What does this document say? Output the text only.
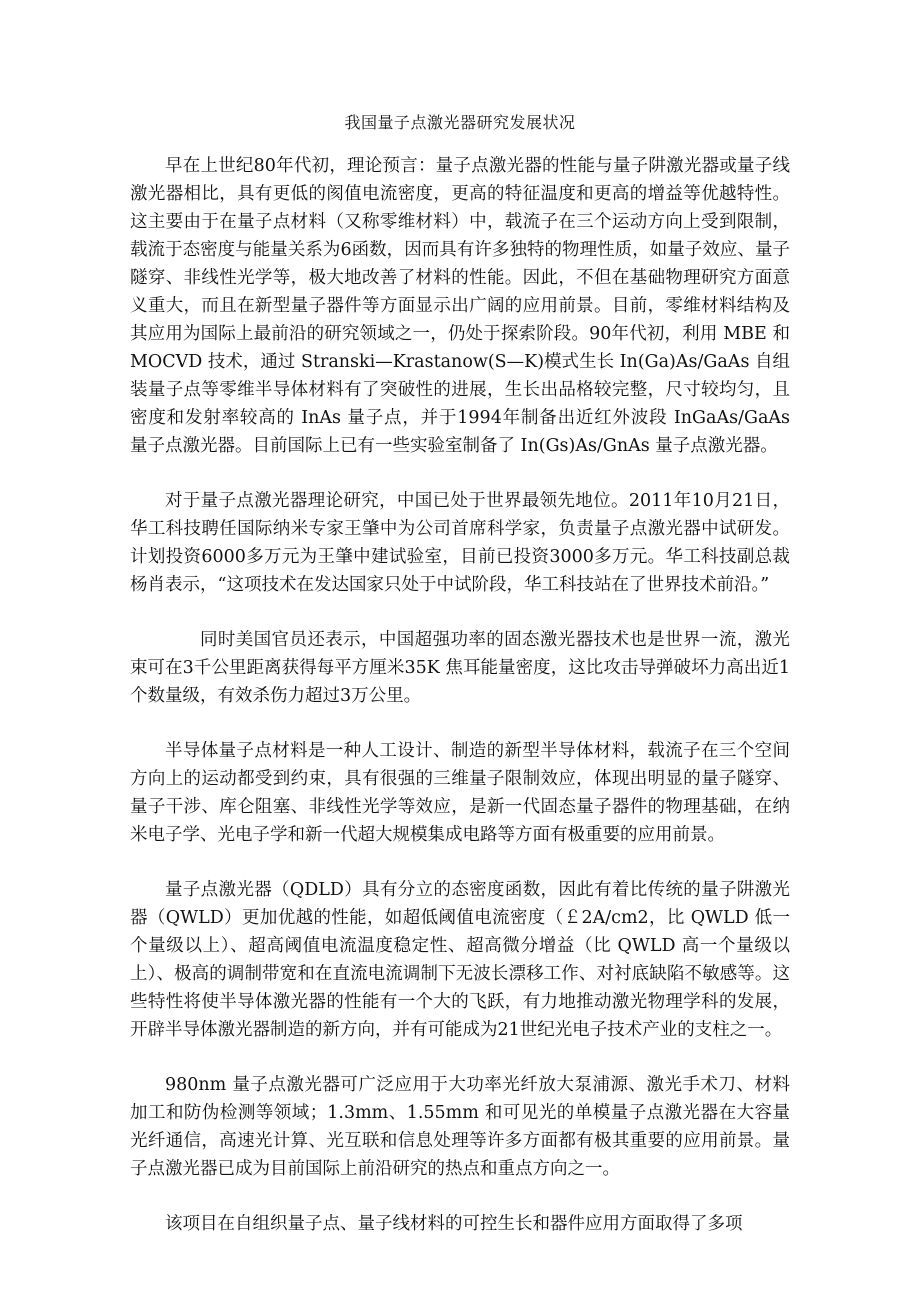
我国量子点激光器研究发展状况

早在上世纪80年代初，理论预言：量子点激光器的性能与量子阱激光器或量子线激光器相比，具有更低的阂值电流密度，更高的特征温度和更高的增益等优越特性。这主要由于在量子点材料（又称零维材料）中，载流子在三个运动方向上受到限制，载流于态密度与能量关系为6函数，因而具有许多独特的物理性质，如量子效应、量子隧穿、非线性光学等，极大地改善了材料的性能。因此，不但在基础物理研究方面意义重大，而且在新型量子器件等方面显示出广阔的应用前景。目前，零维材料结构及其应用为国际上最前沿的研究领域之一，仍处于探索阶段。90年代初，利用 MBE 和 MOCVD 技术，通过 Stranski—Krastanow(S—K)模式生长 In(Ga)As/GaAs 自组装量子点等零维半导体材料有了突破性的进展，生长出品格较完整，尺寸较均匀，且密度和发射率较高的 InAs 量子点，并于1994年制备出近红外波段 InGaAs/GaAs 量子点激光器。目前国际上已有一些实验室制备了 In(Gs)As/GnAs 量子点激光器。

对于量子点激光器理论研究，中国已处于世界最领先地位。2011年10月21日，华工科技聘任国际纳米专家王肇中为公司首席科学家，负责量子点激光器中试研发。计划投资6000多万元为王肇中建试验室，目前已投资3000多万元。华工科技副总裁杨肖表示，“这项技术在发达国家只处于中试阶段，华工科技站在了世界技术前沿。”

同时美国官员还表示，中国超强功率的固态激光器技术也是世界一流，激光束可在3千公里距离获得每平方厘米35K 焦耳能量密度，这比攻击导弹破坏力高出近1个数量级，有效杀伤力超过3万公里。

半导体量子点材料是一种人工设计、制造的新型半导体材料，载流子在三个空间方向上的运动都受到约束，具有很强的三维量子限制效应，体现出明显的量子隧穿、量子干涉、库仑阻塞、非线性光学等效应，是新一代固态量子器件的物理基础，在纳米电子学、光电子学和新一代超大规模集成电路等方面有极重要的应用前景。

量子点激光器（QDLD）具有分立的态密度函数，因此有着比传统的量子阱激光器（QWLD）更加优越的性能，如超低阈值电流密度（￡2A/cm2，比 QWLD 低一个量级以上）、超高阈值电流温度稳定性、超高微分增益（比 QWLD 高一个量级以上）、极高的调制带宽和在直流电流调制下无波长漂移工作、对衬底缺陷不敏感等。这些特性将使半导体激光器的性能有一个大的飞跃，有力地推动激光物理学科的发展，开辟半导体激光器制造的新方向，并有可能成为21世纪光电子技术产业的支柱之一。

980nm 量子点激光器可广泛应用于大功率光纤放大泵浦源、激光手术刀、材料加工和防伪检测等领域；1.3mm、1.55mm 和可见光的单模量子点激光器在大容量光纤通信，高速光计算、光互联和信息处理等许多方面都有极其重要的应用前景。量子点激光器已成为目前国际上前沿研究的热点和重点方向之一。

该项目在自组织量子点、量子线材料的可控生长和器件应用方面取得了多项
